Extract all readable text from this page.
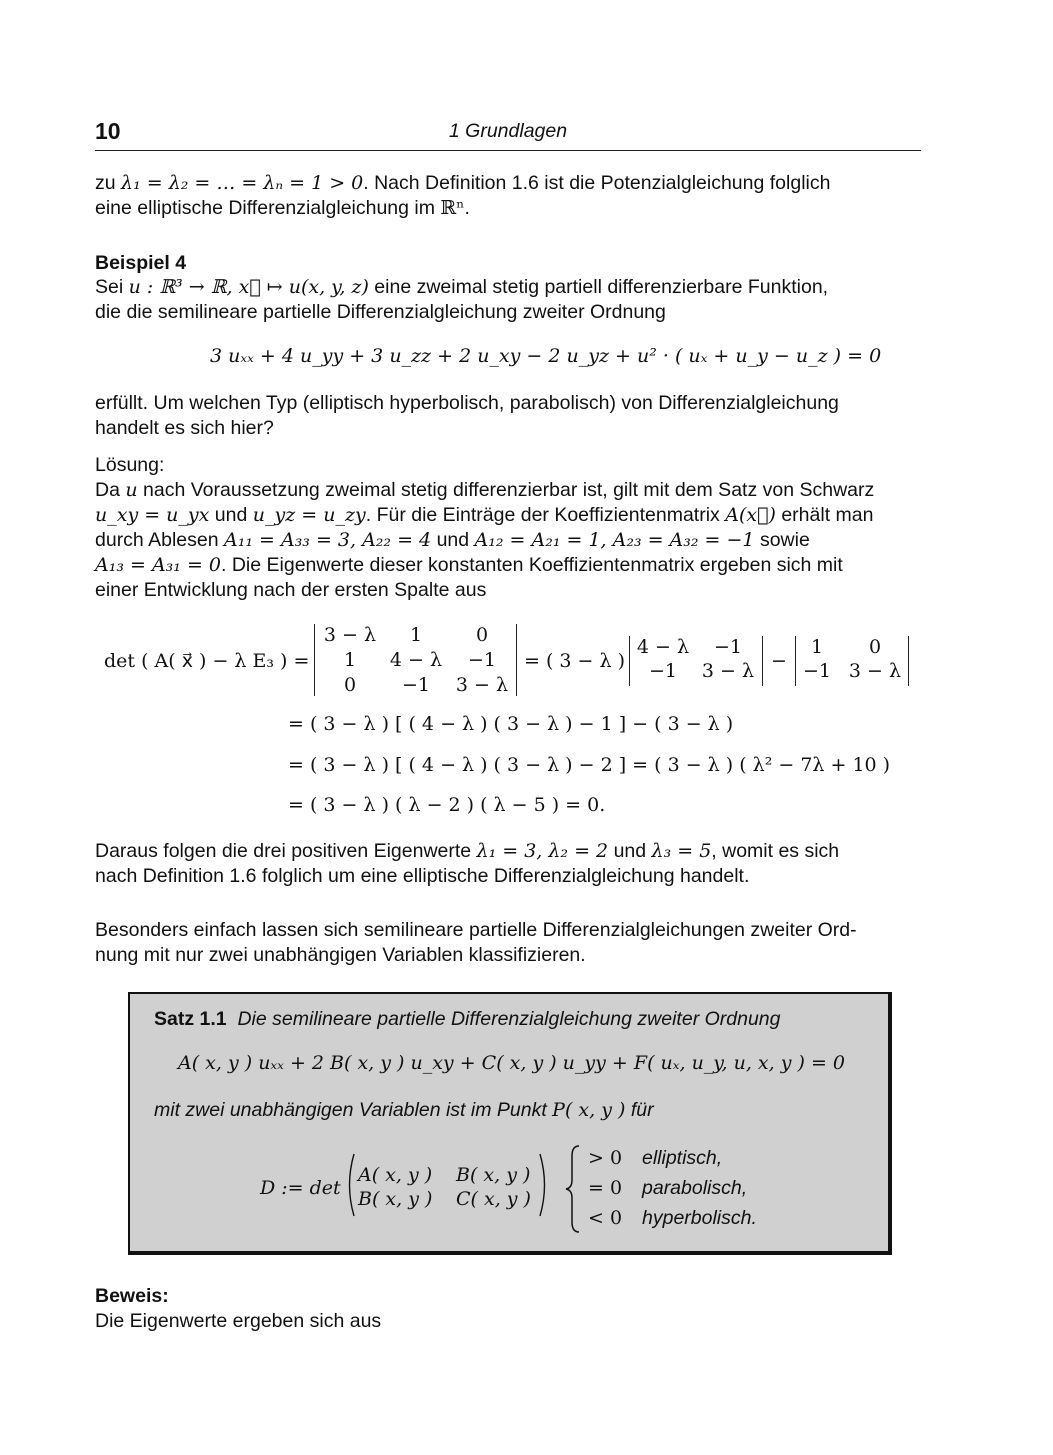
10	1 Grundlagen
zu λ₁ = λ₂ = … = λₙ = 1 > 0. Nach Definition 1.6 ist die Potenzialgleichung folglich
eine elliptische Differenzialgleichung im ℝⁿ.
Beispiel 4
Sei u : ℝ³ → ℝ, x⃗ ↦ u(x, y, z) eine zweimal stetig partiell differenzierbare Funktion,
die die semilineare partielle Differenzialgleichung zweiter Ordnung
3 uₓₓ + 4 u_yy + 3 u_zz + 2 u_xy − 2 u_yz + u² · ( uₓ + u_y − u_z ) = 0
erfüllt. Um welchen Typ (elliptisch hyperbolisch, parabolisch) von Differenzialgleichung
handelt es sich hier?
Lösung:
Da u nach Voraussetzung zweimal stetig differenzierbar ist, gilt mit dem Satz von Schwarz
u_xy = u_yx und u_yz = u_zy. Für die Einträge der Koeffizientenmatrix A(x⃗) erhält man
durch Ablesen A₁₁ = A₃₃ = 3, A₂₂ = 4 und A₁₂ = A₂₁ = 1, A₂₃ = A₃₂ = −1 sowie
A₁₃ = A₃₁ = 0. Die Eigenwerte dieser konstanten Koeffizientenmatrix ergeben sich mit
einer Entwicklung nach der ersten Spalte aus
det ( A( x⃗ ) − λ E₃ ) =
3 − λ	1	0
1	4 − λ	−1
0	−1	3 − λ
= ( 3 − λ )
4 − λ	−1
−1	3 − λ −
1	0
−1 3 − λ
= ( 3 − λ ) [ ( 4 − λ ) ( 3 − λ ) − 1 ] − ( 3 − λ )
= ( 3 − λ ) [ ( 4 − λ ) ( 3 − λ ) − 2 ] = ( 3 − λ ) ( λ² − 7λ + 10 )
= ( 3 − λ ) ( λ − 2 ) ( λ − 5 ) = 0.
Daraus folgen die drei positiven Eigenwerte λ₁ = 3, λ₂ = 2 und λ₃ = 5, womit es sich
nach Definition 1.6 folglich um eine elliptische Differenzialgleichung handelt.
Besonders einfach lassen sich semilineare partielle Differenzialgleichungen zweiter Ord-
nung mit nur zwei unabhängigen Variablen klassifizieren.
Satz 1.1 Die semilineare partielle Differenzialgleichung zweiter Ordnung
A( x, y ) uₓₓ + 2 B( x, y ) u_xy + C( x, y ) u_yy + F( uₓ, u_y, u, x, y ) = 0
mit zwei unabhängigen Variablen ist im Punkt P( x, y ) für
D := det
A( x, y ) B( x, y )
B( x, y ) C( x, y )
> 0 elliptisch,
= 0 parabolisch,
< 0 hyperbolisch.
Beweis:
Die Eigenwerte ergeben sich aus
